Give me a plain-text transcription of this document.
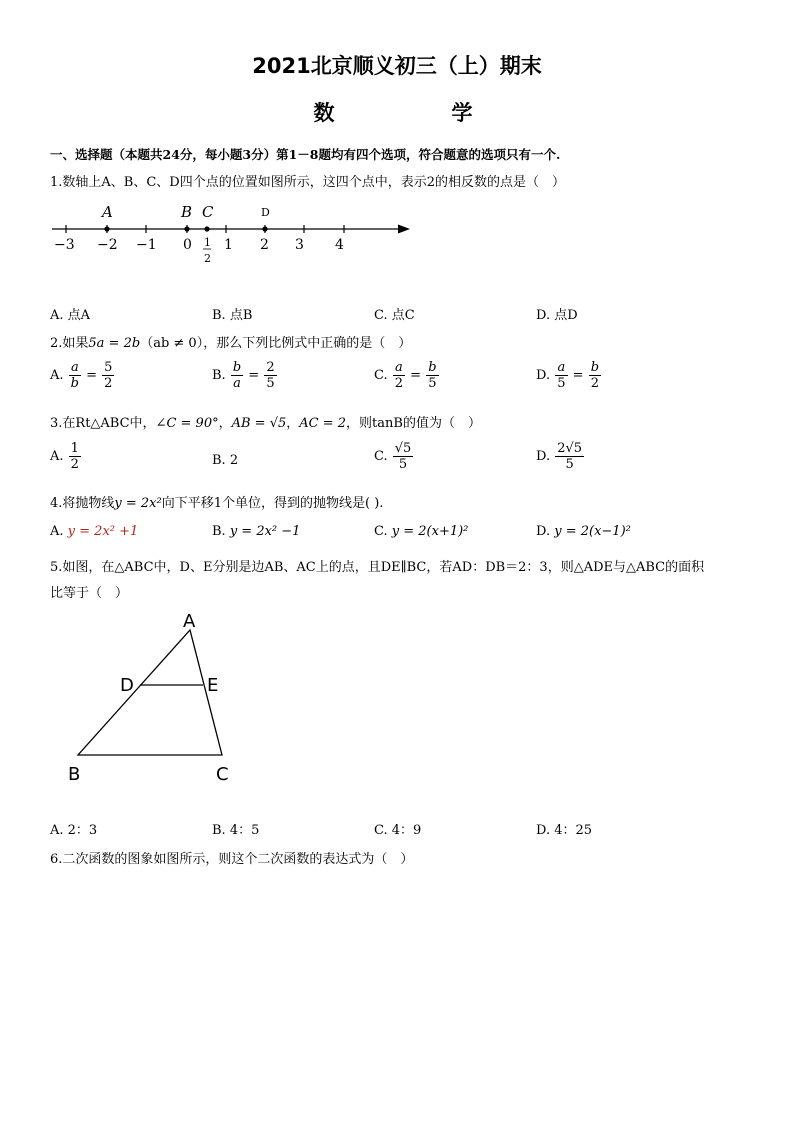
2021北京顺义初三（上）期末
数　学
一、选择题（本题共24分，每小题3分）第1－8题均有四个选项，符合题意的选项只有一个.
1.数轴上A、B、C、D四个点的位置如图所示，这四个点中，表示2的相反数的点是（　）
A	B C	D
−3 −2 −1 0 1 2 3 4
1
2
A. 点A	B. 点B	C. 点C	D. 点D
2.如果5a = 2b（ab ≠ 0），那么下列比例式中正确的是（　）
A. $\frac{a}{b} = \frac{5}{2}$	B. $\frac{b}{a} = \frac{2}{5}$	C. $\frac{a}{2} = \frac{b}{5}$	D. $\frac{a}{5} = \frac{b}{2}$
3.在Rt△ABC中，∠C = 90°，AB = √5，AC = 2，则tanB的值为（　）
A. $\frac{1}{2}$	B. 2	C. $\frac{√5}{5}$	D. $\frac{2√5}{5}$
4.将抛物线y = 2x²向下平移1个单位，得到的抛物线是( ).
A. y = 2x² +1	B. y = 2x² −1	C. y = 2(x+1)²	D. y = 2(x−1)²
5.如图，在△ABC中，D、E分别是边AB、AC上的点，且DE∥BC，若AD：DB＝2：3，则△ADE与△ABC的面积
比等于（　）
A
B	C
D	E
A. 2：3	B. 4：5	C. 4：9	D. 4：25
6.二次函数的图象如图所示，则这个二次函数的表达式为（　）
